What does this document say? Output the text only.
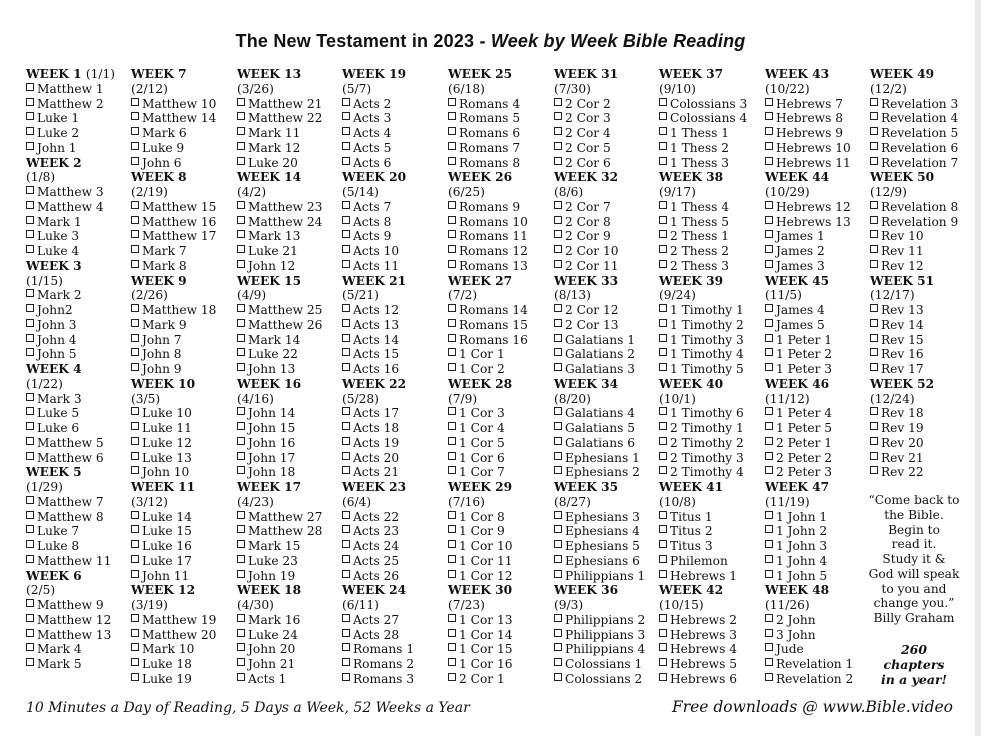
The New Testament in 2023 - Week by Week Bible Reading
WEEK 1 (1/1)
Matthew 1
Matthew 2
Luke 1
Luke 2
John 1
WEEK 2
(1/8)
Matthew 3
Matthew 4
Mark 1
Luke 3
Luke 4
WEEK 3
(1/15)
Mark 2
John2
John 3
John 4
John 5
WEEK 4
(1/22)
Mark 3
Luke 5
Luke 6
Matthew 5
Matthew 6
WEEK 5
(1/29)
Matthew 7
Matthew 8
Luke 7
Luke 8
Matthew 11
WEEK 6
(2/5)
Matthew 9
Matthew 12
Matthew 13
Mark 4
Mark 5
WEEK 7
(2/12)
Matthew 10
Matthew 14
Mark 6
Luke 9
John 6
WEEK 8
(2/19)
Matthew 15
Matthew 16
Matthew 17
Mark 7
Mark 8
WEEK 9
(2/26)
Matthew 18
Mark 9
John 7
John 8
John 9
WEEK 10
(3/5)
Luke 10
Luke 11
Luke 12
Luke 13
John 10
WEEK 11
(3/12)
Luke 14
Luke 15
Luke 16
Luke 17
John 11
WEEK 12
(3/19)
Matthew 19
Matthew 20
Mark 10
Luke 18
Luke 19
WEEK 13
(3/26)
Matthew 21
Matthew 22
Mark 11
Mark 12
Luke 20
WEEK 14
(4/2)
Matthew 23
Matthew 24
Mark 13
Luke 21
John 12
WEEK 15
(4/9)
Matthew 25
Matthew 26
Mark 14
Luke 22
John 13
WEEK 16
(4/16)
John 14
John 15
John 16
John 17
John 18
WEEK 17
(4/23)
Matthew 27
Matthew 28
Mark 15
Luke 23
John 19
WEEK 18
(4/30)
Mark 16
Luke 24
John 20
John 21
Acts 1
WEEK 19
(5/7)
Acts 2
Acts 3
Acts 4
Acts 5
Acts 6
WEEK 20
(5/14)
Acts 7
Acts 8
Acts 9
Acts 10
Acts 11
WEEK 21
(5/21)
Acts 12
Acts 13
Acts 14
Acts 15
Acts 16
WEEK 22
(5/28)
Acts 17
Acts 18
Acts 19
Acts 20
Acts 21
WEEK 23
(6/4)
Acts 22
Acts 23
Acts 24
Acts 25
Acts 26
WEEK 24
(6/11)
Acts 27
Acts 28
Romans 1
Romans 2
Romans 3
WEEK 25
(6/18)
Romans 4
Romans 5
Romans 6
Romans 7
Romans 8
WEEK 26
(6/25)
Romans 9
Romans 10
Romans 11
Romans 12
Romans 13
WEEK 27
(7/2)
Romans 14
Romans 15
Romans 16
1 Cor 1
1 Cor 2
WEEK 28
(7/9)
1 Cor 3
1 Cor 4
1 Cor 5
1 Cor 6
1 Cor 7
WEEK 29
(7/16)
1 Cor 8
1 Cor 9
1 Cor 10
1 Cor 11
1 Cor 12
WEEK 30
(7/23)
1 Cor 13
1 Cor 14
1 Cor 15
1 Cor 16
2 Cor 1
WEEK 31
(7/30)
2 Cor 2
2 Cor 3
2 Cor 4
2 Cor 5
2 Cor 6
WEEK 32
(8/6)
2 Cor 7
2 Cor 8
2 Cor 9
2 Cor 10
2 Cor 11
WEEK 33
(8/13)
2 Cor 12
2 Cor 13
Galatians 1
Galatians 2
Galatians 3
WEEK 34
(8/20)
Galatians 4
Galatians 5
Galatians 6
Ephesians 1
Ephesians 2
WEEK 35
(8/27)
Ephesians 3
Ephesians 4
Ephesians 5
Ephesians 6
Philippians 1
WEEK 36
(9/3)
Philippians 2
Philippians 3
Philippians 4
Colossians 1
Colossians 2
WEEK 37
(9/10)
Colossians 3
Colossians 4
1 Thess 1
1 Thess 2
1 Thess 3
WEEK 38
(9/17)
1 Thess 4
1 Thess 5
2 Thess 1
2 Thess 2
2 Thess 3
WEEK 39
(9/24)
1 Timothy 1
1 Timothy 2
1 Timothy 3
1 Timothy 4
1 Timothy 5
WEEK 40
(10/1)
1 Timothy 6
2 Timothy 1
2 Timothy 2
2 Timothy 3
2 Timothy 4
WEEK 41
(10/8)
Titus 1
Titus 2
Titus 3
Philemon
Hebrews 1
WEEK 42
(10/15)
Hebrews 2
Hebrews 3
Hebrews 4
Hebrews 5
Hebrews 6
WEEK 43
(10/22)
Hebrews 7
Hebrews 8
Hebrews 9
Hebrews 10
Hebrews 11
WEEK 44
(10/29)
Hebrews 12
Hebrews 13
James 1
James 2
James 3
WEEK 45
(11/5)
James 4
James 5
1 Peter 1
1 Peter 2
1 Peter 3
WEEK 46
(11/12)
1 Peter 4
1 Peter 5
2 Peter 1
2 Peter 2
2 Peter 3
WEEK 47
(11/19)
1 John 1
1 John 2
1 John 3
1 John 4
1 John 5
WEEK 48
(11/26)
2 John
3 John
Jude
Revelation 1
Revelation 2
WEEK 49
(12/2)
Revelation 3
Revelation 4
Revelation 5
Revelation 6
Revelation 7
WEEK 50
(12/9)
Revelation 8
Revelation 9
Rev 10
Rev 11
Rev 12
WEEK 51
(12/17)
Rev 13
Rev 14
Rev 15
Rev 16
Rev 17
WEEK 52
(12/24)
Rev 18
Rev 19
Rev 20
Rev 21
Rev 22
“Come back to
the Bible.
Begin to
read it.
Study it &
God will speak
to you and
change you.”
Billy Graham
260
chapters
in a year!
10 Minutes a Day of Reading, 5 Days a Week, 52 Weeks a Year	Free downloads @ www.Bible.video
